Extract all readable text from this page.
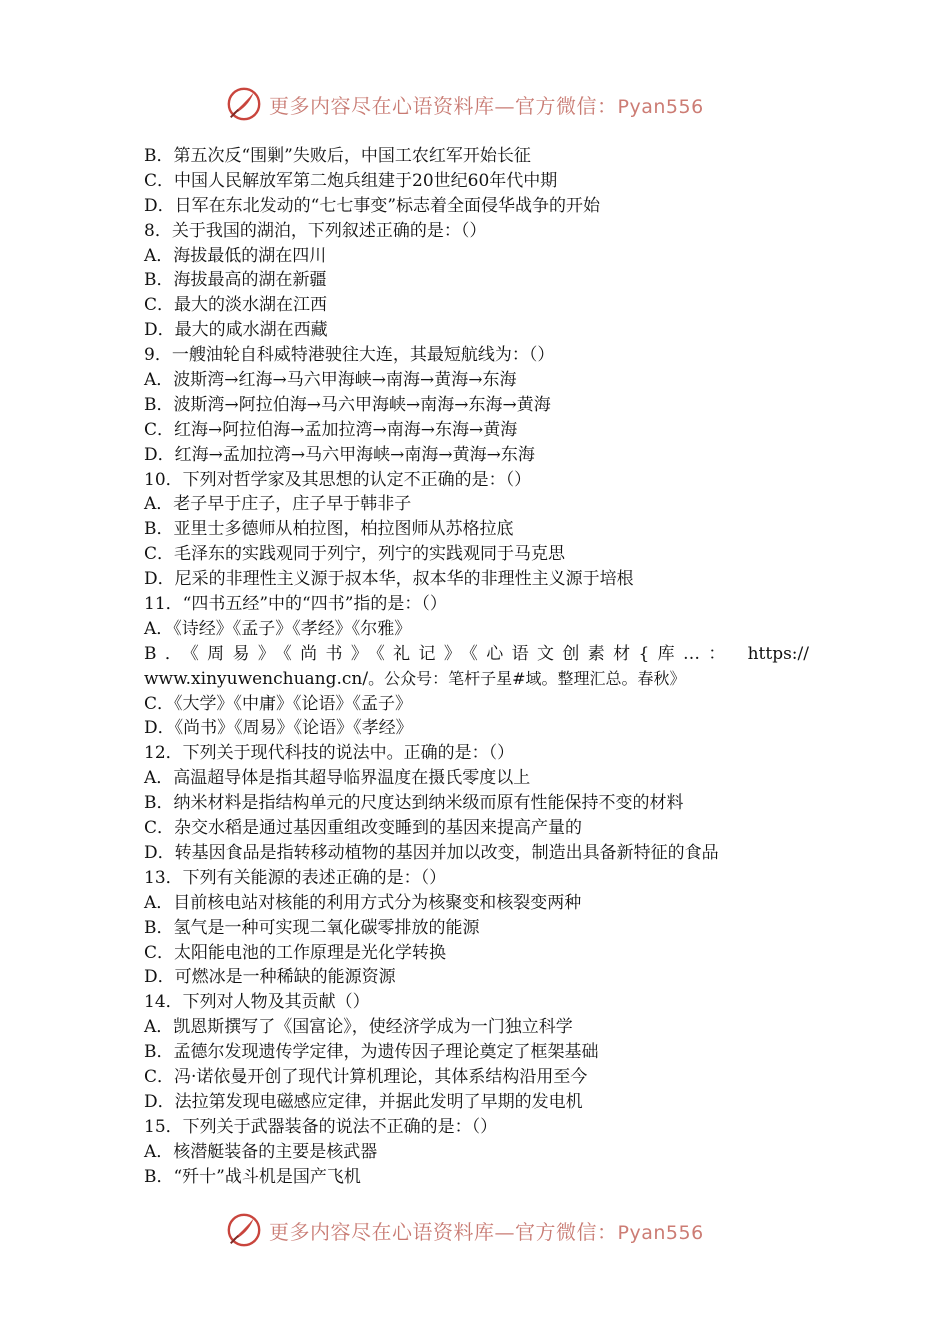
更多内容尽在心语资料库—官方微信：Pyan556
B．第五次反“围剿”失败后，中国工农红军开始长征
C．中国人民解放军第二炮兵组建于20世纪60年代中期
D．日军在东北发动的“七七事变”标志着全面侵华战争的开始
8．关于我国的湖泊，下列叙述正确的是：（）
A．海拔最低的湖在四川
B．海拔最高的湖在新疆
C．最大的淡水湖在江西
D．最大的咸水湖在西藏
9．一艘油轮自科威特港驶往大连，其最短航线为：（）
A．波斯湾→红海→马六甲海峡→南海→黄海→东海
B．波斯湾→阿拉伯海→马六甲海峡→南海→东海→黄海
C．红海→阿拉伯海→孟加拉湾→南海→东海→黄海
D．红海→孟加拉湾→马六甲海峡→南海→黄海→东海
10．下列对哲学家及其思想的认定不正确的是：（）
A．老子早于庄子，庄子早于韩非子
B．亚里士多德师从柏拉图，柏拉图师从苏格拉底
C．毛泽东的实践观同于列宁，列宁的实践观同于马克思
D．尼采的非理性主义源于叔本华，叔本华的非理性主义源于培根
11．“四书五经”中的“四书”指的是：（）
A．《诗经》《孟子》《孝经》《尔雅》
B．《周易》《尚书》《礼记》《心语文创素材{库…： https://
www.xinyuwenchuang.cn/。公众号：笔杆子星#域。整理汇总。春秋》
C．《大学》《中庸》《论语》《孟子》
D．《尚书》《周易》《论语》《孝经》
12．下列关于现代科技的说法中。正确的是：（）
A．高温超导体是指其超导临界温度在摄氏零度以上
B．纳米材料是指结构单元的尺度达到纳米级而原有性能保持不变的材料
C．杂交水稻是通过基因重组改变睡到的基因来提高产量的
D．转基因食品是指转移动植物的基因并加以改变，制造出具备新特征的食品
13．下列有关能源的表述正确的是：（）
A．目前核电站对核能的利用方式分为核聚变和核裂变两种
B．氢气是一种可实现二氧化碳零排放的能源
C．太阳能电池的工作原理是光化学转换
D．可燃冰是一种稀缺的能源资源
14．下列对人物及其贡献（）
A．凯恩斯撰写了《国富论》，使经济学成为一门独立科学
B．孟德尔发现遗传学定律，为遗传因子理论奠定了框架基础
C．冯·诺依曼开创了现代计算机理论，其体系结构沿用至今
D．法拉第发现电磁感应定律，并据此发明了早期的发电机
15．下列关于武器装备的说法不正确的是：（）
A．核潜艇装备的主要是核武器
B．“歼十”战斗机是国产飞机
更多内容尽在心语资料库—官方微信：Pyan556
